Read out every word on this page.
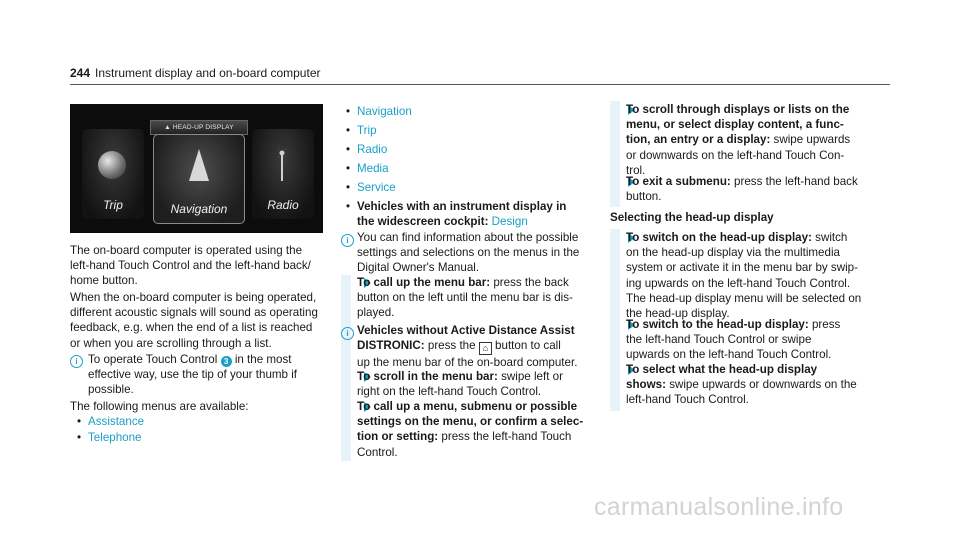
244 Instrument display and on-board computer
▲ HEAD-UP DISPLAY
Trip	Navigation	Radio

The on-board computer is operated using the

left-hand Touch Control and the left-hand back/

home button.

When the on-board computer is being operated,

different acoustic signals will sound as operating

feedback, e.g. when the end of a list is reached

or when you are scrolling through a list.

i To operate Touch Control 3 in the most

effective way, use the tip of your thumb if

possible.

The following menus are available:
• Assistance
• Telephone
• Navigation
• Trip
• Radio
• Media
• Service

• Vehicles with an instrument display in

the widescreen cockpit: Design

i You can find information about the possible

settings and selections on the menus in the

Digital Owner's Manual.

To call up the menu bar: press the back

button on the left until the menu bar is dis-

played.

i Vehicles without Active Distance Assist

DISTRONIC: press the ⌂ button to call

up the menu bar of the on-board computer.

To scroll in the menu bar: swipe left or

right on the left-hand Touch Control.

To call up a menu, submenu or possible

settings on the menu, or confirm a selec-

tion or setting: press the left-hand Touch

Control.

To scroll through displays or lists on the

menu, or select display content, a func-

tion, an entry or a display: swipe upwards

or downwards on the left-hand Touch Con-

trol.

To exit a submenu: press the left-hand back

button.

Selecting the head-up display

To switch on the head-up display: switch

on the head-up display via the multimedia

system or activate it in the menu bar by swip-

ing upwards on the left-hand Touch Control.

The head-up display menu will be selected on

the head-up display.

To switch to the head-up display: press

the left-hand Touch Control or swipe

upwards on the left-hand Touch Control.

To select what the head-up display

shows: swipe upwards or downwards on the

left-hand Touch Control.

carmanualsonline.info
